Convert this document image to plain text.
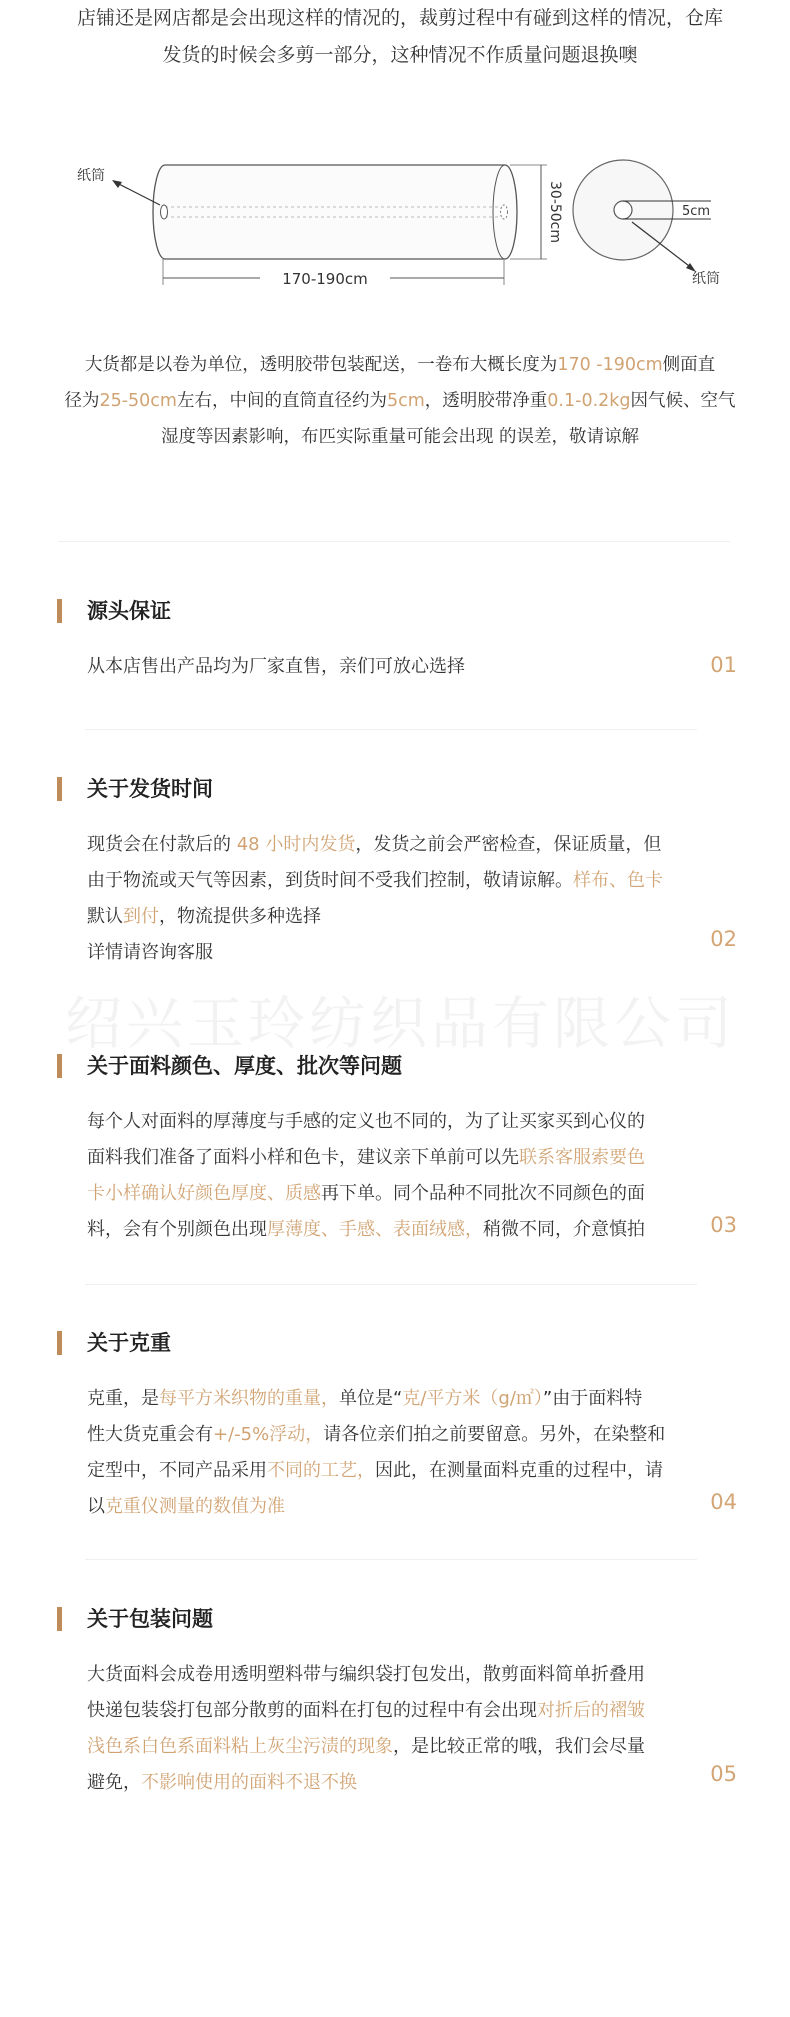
店铺还是网店都是会出现这样的情况的，裁剪过程中有碰到这样的情况，仓库

发货的时候会多剪一部分，这种情况不作质量问题退换噢

纸筒
170-190cm
30-50cm	5cm
纸筒

大货都是以卷为单位，透明胶带包装配送，一卷布大概长度为170 -190cm侧面直

径为25-50cm左右，中间的直筒直径约为5cm，透明胶带净重0.1-0.2kg因气候、空气

湿度等因素影响，布匹实际重量可能会出现 的误差，敬请谅解

源头保证

从本店售出产品均为厂家直售，亲们可放心选择	01
关于发货时间

现货会在付款后的 48 小时内发货，发货之前会严密检查，保证质量，但

由于物流或天气等因素，到货时间不受我们控制，敬请谅解。样布、色卡

默认到付，物流提供多种选择

详情请咨询客服

02
绍兴玉玲纺织品有限公司
关于面料颜色、厚度、批次等问题

每个人对面料的厚薄度与手感的定义也不同的，为了让买家买到心仪的

面料我们准备了面料小样和色卡，建议亲下单前可以先联系客服索要色

卡小样确认好颜色厚度、质感再下单。同个品种不同批次不同颜色的面

料，会有个别颜色出现厚薄度、手感、表面绒感，稍微不同，介意慎拍	03
关于克重

克重，是每平方米织物的重量，单位是“克/平方米（g/㎡）”由于面料特

性大货克重会有+/-5%浮动，请各位亲们拍之前要留意。另外，在染整和

定型中，不同产品采用不同的工艺，因此，在测量面料克重的过程中，请

以克重仪测量的数值为准	04
关于包装问题

大货面料会成卷用透明塑料带与编织袋打包发出，散剪面料简单折叠用

快递包装袋打包部分散剪的面料在打包的过程中有会出现对折后的褶皱

浅色系白色系面料粘上灰尘污渍的现象，是比较正常的哦，我们会尽量

避免，不影响使用的面料不退不换	05
